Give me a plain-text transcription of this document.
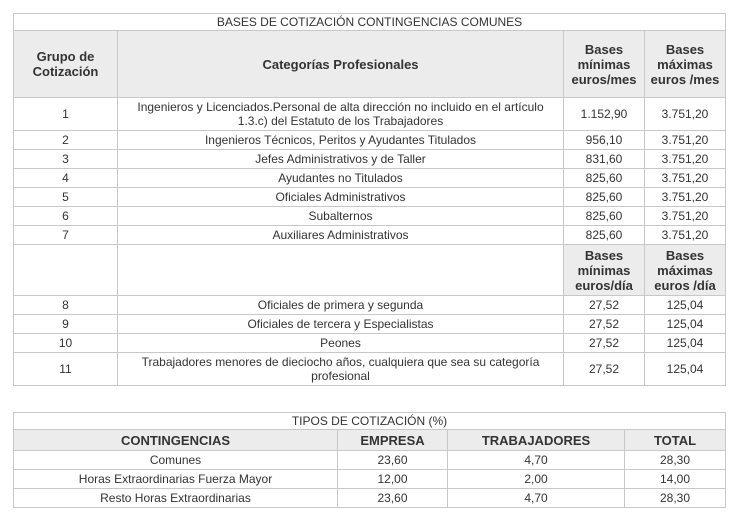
BASES DE COTIZACIÓN CONTINGENCIAS COMUNES			
Grupo de Cotización	Categorías Profesionales	Bases mínimas euros/mes	Bases máximas euros /mes
1	Ingenieros y Licenciados.Personal de alta dirección no incluido en el artículo 1.3.c) del Estatuto de los Trabajadores	1.152,90	3.751,20
2	Ingenieros Técnicos, Peritos y Ayudantes Titulados	956,10	3.751,20
3	Jefes Administrativos y de Taller	831,60	3.751,20
4	Ayudantes no Titulados	825,60	3.751,20
5	Oficiales Administrativos	825,60	3.751,20
6	Subalternos	825,60	3.751,20
7	Auxiliares Administrativos	825,60	3.751,20
		Bases mínimas euros/día	Bases máximas euros /día
8	Oficiales de primera y segunda	27,52	125,04
9	Oficiales de tercera y Especialistas	27,52	125,04
10	Peones	27,52	125,04
11	Trabajadores menores de dieciocho años, cualquiera que sea su categoría profesional	27,52	125,04
TIPOS DE COTIZACIÓN (%)			
CONTINGENCIAS	EMPRESA	TRABAJADORES	TOTAL
Comunes	23,60	4,70	28,30
Horas Extraordinarias Fuerza Mayor	12,00	2,00	14,00
Resto Horas Extraordinarias	23,60	4,70	28,30
